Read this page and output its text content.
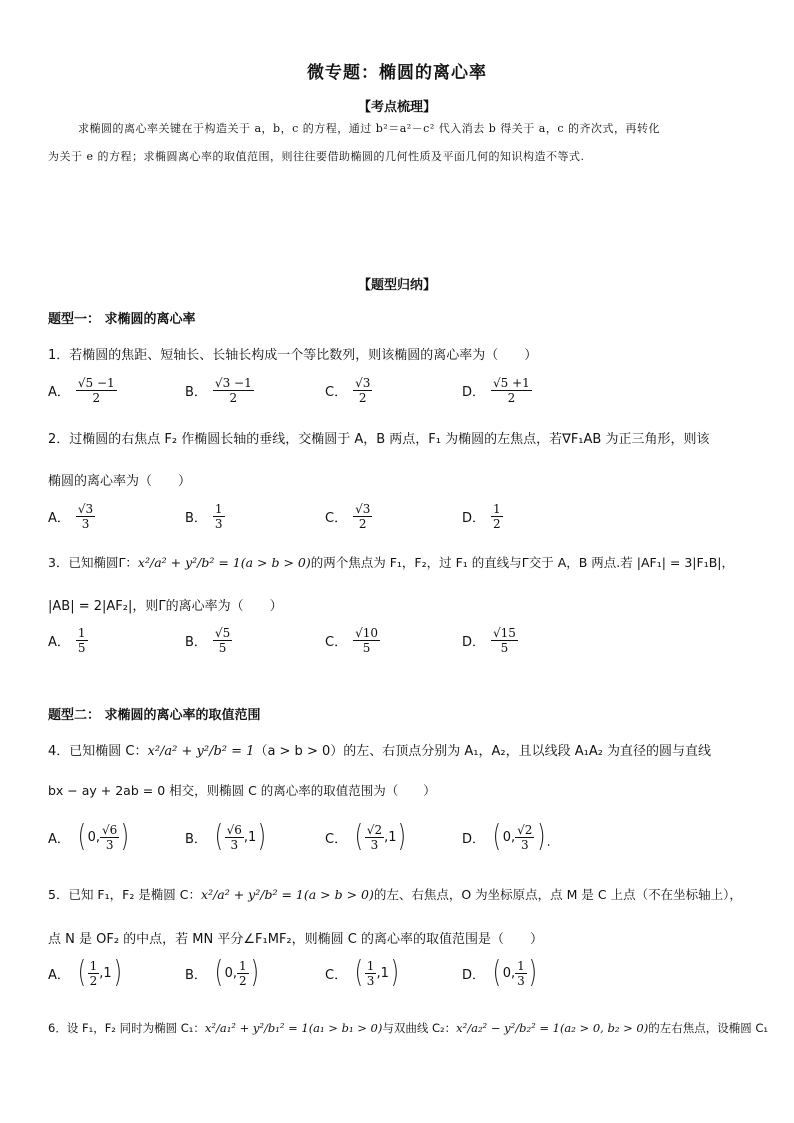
微专题：椭圆的离心率
【考点梳理】
求椭圆的离心率关键在于构造关于 a，b，c 的方程，通过 b²＝a²－c² 代入消去 b 得关于 a，c 的齐次式，再转化
为关于 e 的方程；求椭圆离心率的取值范围，则往往要借助椭圆的几何性质及平面几何的知识构造不等式.
【题型归纳】
题型一： 求椭圆的离心率
1．若椭圆的焦距、短轴长、长轴长构成一个等比数列，则该椭圆的离心率为（　　）
A． $\frac{√5 -1}{2}$	B． $\frac{√3 -1}{2}$	C． $\frac{√3}{2}$	D． $\frac{√5 +1}{2}$
2．过椭圆的右焦点 F₂ 作椭圆长轴的垂线，交椭圆于 A，B 两点，F₁ 为椭圆的左焦点，若∇F₁AB 为正三角形，则该
椭圆的离心率为（　　）
A． $\frac{√3}{3}$	B． $\frac{1}{3}$	C． $\frac{√3}{2}$	D． $\frac{1}{2}$
3．已知椭圆Γ：x²/a² + y²/b² = 1(a > b > 0)的两个焦点为 F₁，F₂，过 F₁ 的直线与Γ交于 A，B 两点.若 |AF₁| = 3|F₁B|，
|AB| = 2|AF₂|，则Γ的离心率为（　　）
A． $\frac{1}{5}$	B． $\frac{√5}{5}$	C． $\frac{√10}{5}$	D． $\frac{√15}{5}$
题型二： 求椭圆的离心率的取值范围
4．已知椭圆 C：x²/a² + y²/b² = 1（a > b > 0）的左、右顶点分别为 A₁，A₂，且以线段 A₁A₂ 为直径的圆与直线
bx − ay + 2ab = 0 相交，则椭圆 C 的离心率的取值范围为（　　）
A． ( 0, $\frac{√6}{3}$ )	B． ( $\frac{√6}{3} ,1$ )	C． ( $\frac{√2}{3} ,1$ )	D． ( 0, $\frac{√2}{3}$ ).
5．已知 F₁，F₂ 是椭圆 C：x²/a² + y²/b² = 1(a > b > 0)的左、右焦点，O 为坐标原点，点 M 是 C 上点（不在坐标轴上），
点 N 是 OF₂ 的中点，若 MN 平分∠F₁MF₂，则椭圆 C 的离心率的取值范围是（　　）
A． ( $\frac{1}{2} ,1$ )	B． ( 0, $\frac{1}{2}$ )	C． ( $\frac{1}{3} ,1$ )	D． ( 0, $\frac{1}{3}$ )
6．设 F₁，F₂ 同时为椭圆 C₁：x²/a₁² + y²/b₁² = 1(a₁ > b₁ > 0)与双曲线 C₂：x²/a₂² − y²/b₂² = 1(a₂ > 0, b₂ > 0)的左右焦点，设椭圆 C₁
